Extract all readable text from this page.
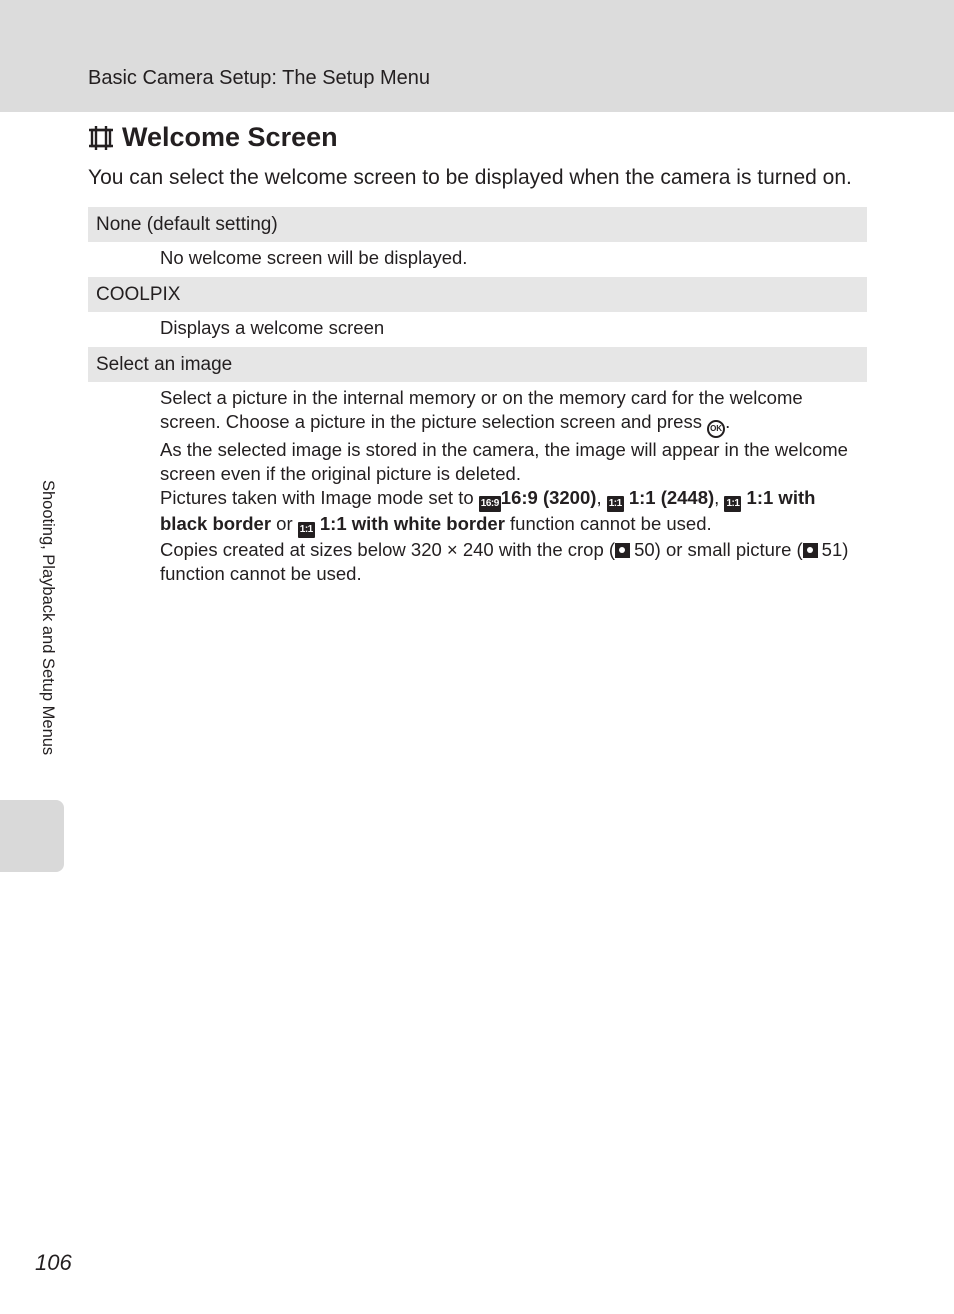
Basic Camera Setup: The Setup Menu
Welcome Screen
You can select the welcome screen to be displayed when the camera is turned on.
None (default setting)
No welcome screen will be displayed.
COOLPIX
Displays a welcome screen
Select an image

Select a picture in the internal memory or on the memory card for the welcome screen. Choose a picture in the picture selection screen and press OK .

As the selected image is stored in the camera, the image will appear in the welcome screen even if the original picture is deleted.

Pictures taken with Image mode set to 16:9 16:9 (3200), 1:1 1:1 (2448), 1:1 1:1 with black border or 1:1 1:1 with white border function cannot be used.

Copies created at sizes below 320 × 240 with the crop ( 50) or small picture ( 51) function cannot be used.

Shooting, Playback and Setup Menus
106
